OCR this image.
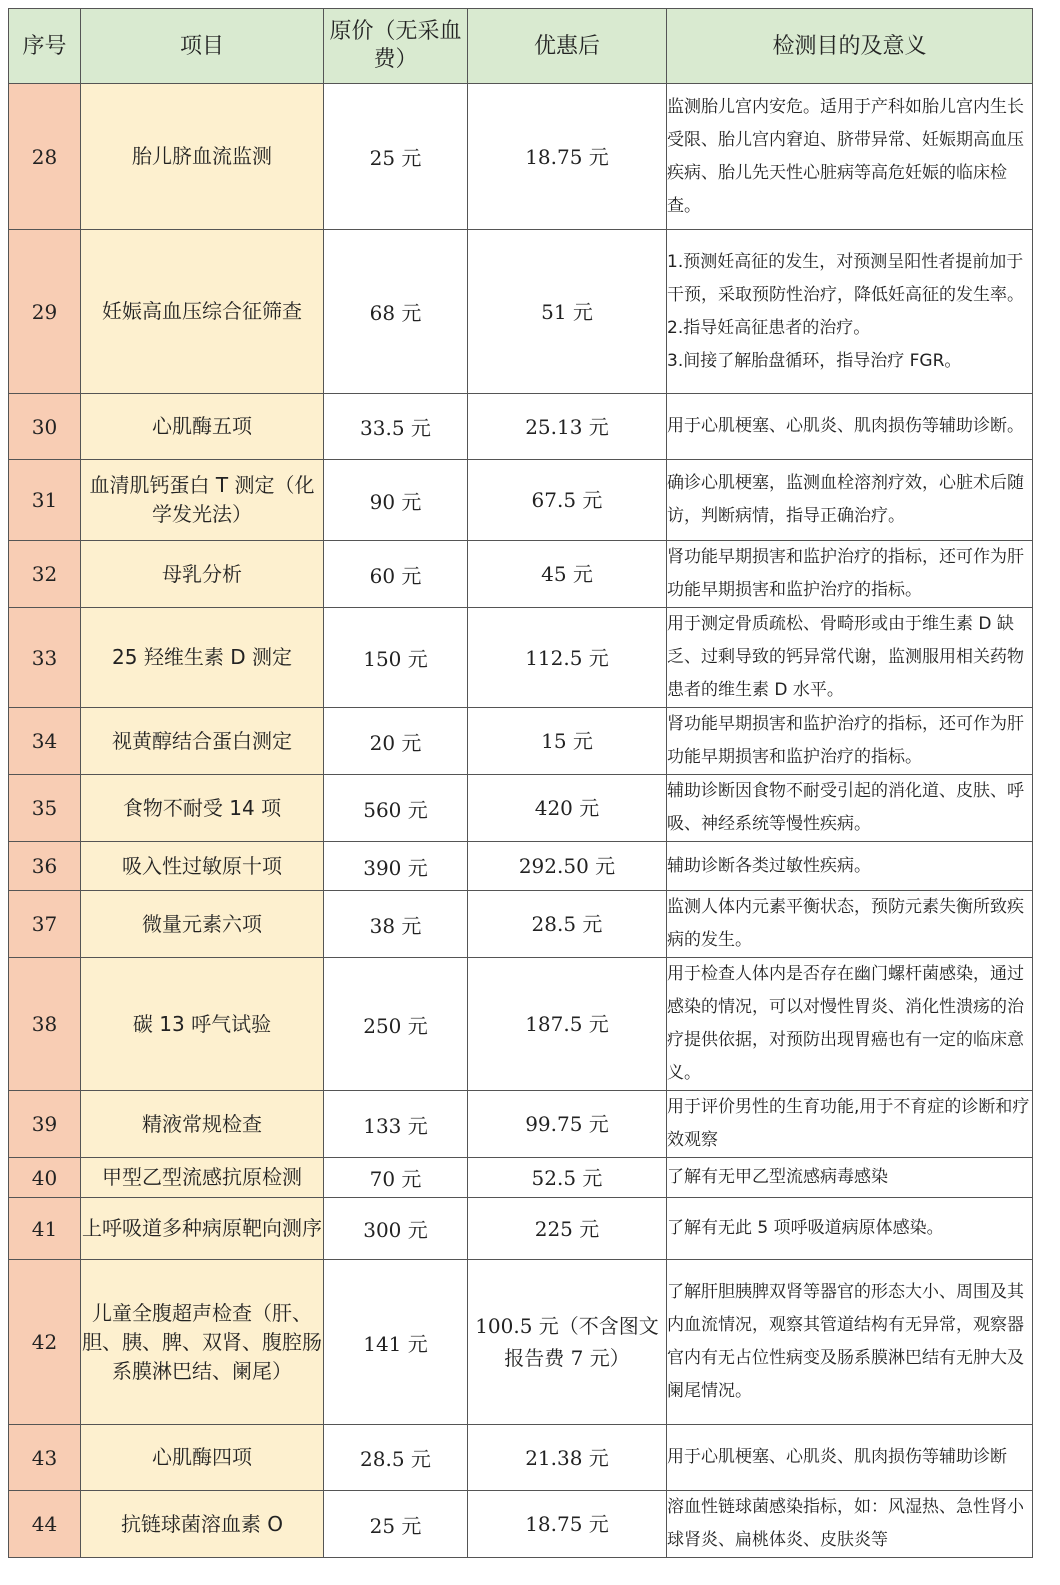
序号	项目	原价（无采血费）	优惠后	检测目的及意义
28	胎儿脐血流监测	25 元	18.75 元	监测胎儿宫内安危。适用于产科如胎儿宫内生长受限、胎儿宫内窘迫、脐带异常、妊娠期高血压疾病、胎儿先天性心脏病等高危妊娠的临床检查。
29	妊娠高血压综合征筛查	68 元	51 元	1.预测妊高征的发生，对预测呈阳性者提前加于干预，采取预防性治疗，降低妊高征的发生率。
2.指导妊高征患者的治疗。
3.间接了解胎盘循环，指导治疗 FGR。
30	心肌酶五项	33.5 元	25.13 元	用于心肌梗塞、心肌炎、肌肉损伤等辅助诊断。
31	血清肌钙蛋白 T 测定（化学发光法）	90 元	67.5 元	确诊心肌梗塞，监测血栓溶剂疗效，心脏术后随访，判断病情，指导正确治疗。
32	母乳分析	60 元	45 元	肾功能早期损害和监护治疗的指标，还可作为肝功能早期损害和监护治疗的指标。
33	25 羟维生素 D 测定	150 元	112.5 元	用于测定骨质疏松、骨畸形或由于维生素 D 缺乏、过剩导致的钙异常代谢，监测服用相关药物患者的维生素 D 水平。
34	视黄醇结合蛋白测定	20 元	15 元	肾功能早期损害和监护治疗的指标，还可作为肝功能早期损害和监护治疗的指标。
35	食物不耐受 14 项	560 元	420 元	辅助诊断因食物不耐受引起的消化道、皮肤、呼吸、神经系统等慢性疾病。
36	吸入性过敏原十项	390 元	292.50 元	辅助诊断各类过敏性疾病。
37	微量元素六项	38 元	28.5 元	监测人体内元素平衡状态，预防元素失衡所致疾病的发生。
38	碳 13 呼气试验	250 元	187.5 元	用于检查人体内是否存在幽门螺杆菌感染，通过感染的情况，可以对慢性胃炎、消化性溃疡的治疗提供依据，对预防出现胃癌也有一定的临床意义。
39	精液常规检查	133 元	99.75 元	用于评价男性的生育功能,用于不育症的诊断和疗效观察
40	甲型乙型流感抗原检测	70 元	52.5 元	了解有无甲乙型流感病毒感染
41	上呼吸道多种病原靶向测序	300 元	225 元	了解有无此 5 项呼吸道病原体感染。
42	儿童全腹超声检查（肝、胆、胰、脾、双肾、腹腔肠系膜淋巴结、阑尾）	141 元	100.5 元（不含图文报告费 7 元）	了解肝胆胰脾双肾等器官的形态大小、周围及其内血流情况，观察其管道结构有无异常，观察器官内有无占位性病变及肠系膜淋巴结有无肿大及阑尾情况。
43	心肌酶四项	28.5 元	21.38 元	用于心肌梗塞、心肌炎、肌肉损伤等辅助诊断
44	抗链球菌溶血素 O	25 元	18.75 元	溶血性链球菌感染指标，如：风湿热、急性肾小球肾炎、扁桃体炎、皮肤炎等
